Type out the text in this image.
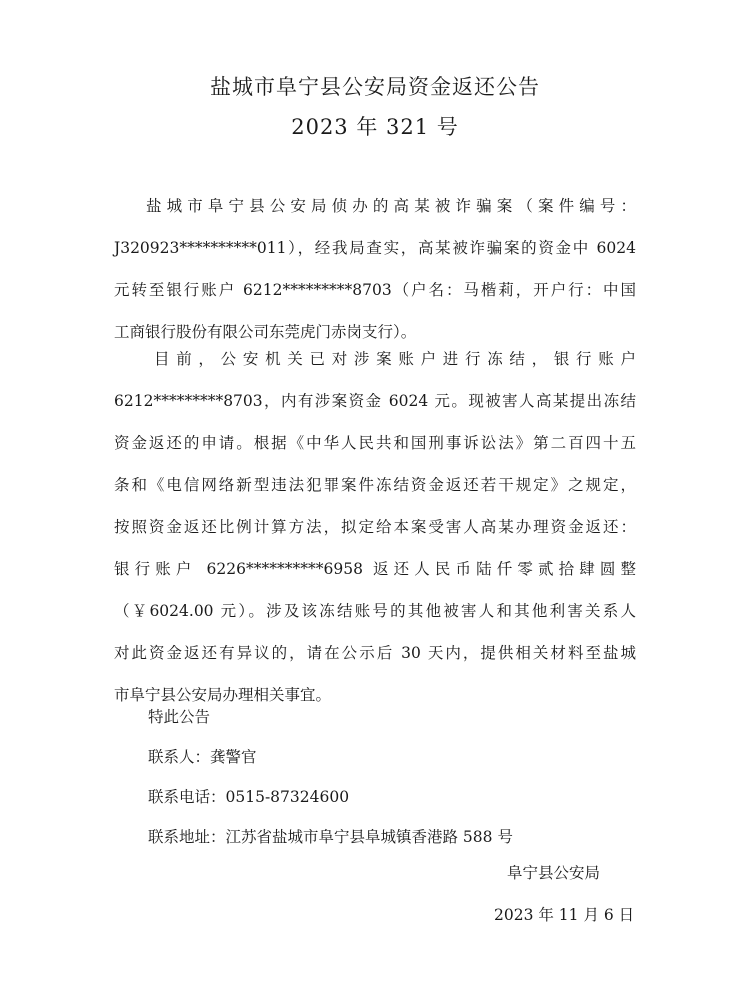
盐城市阜宁县公安局资金返还公告
2023 年 321 号
盐城市阜宁县公安局侦办的高某被诈骗案（案件编号：
J320923**********011），经我局查实，高某被诈骗案的资金中 6024
元转至银行账户 6212*********8703（户名：马楷莉，开户行：中国
工商银行股份有限公司东莞虎门赤岗支行）。
目前，公安机关已对涉案账户进行冻结，银行账户
6212*********8703，内有涉案资金 6024 元。现被害人高某提出冻结
资金返还的申请。根据《中华人民共和国刑事诉讼法》第二百四十五
条和《电信网络新型违法犯罪案件冻结资金返还若干规定》之规定，
按照资金返还比例计算方法，拟定给本案受害人高某办理资金返还：
银行账户 6226**********6958 返还人民币陆仟零贰拾肆圆整
（￥6024.00 元）。涉及该冻结账号的其他被害人和其他利害关系人
对此资金返还有异议的，请在公示后 30 天内，提供相关材料至盐城
市阜宁县公安局办理相关事宜。
特此公告
联系人：龚警官
联系电话：0515-87324600
联系地址：江苏省盐城市阜宁县阜城镇香港路 588 号
阜宁县公安局
2023 年 11 月 6 日
